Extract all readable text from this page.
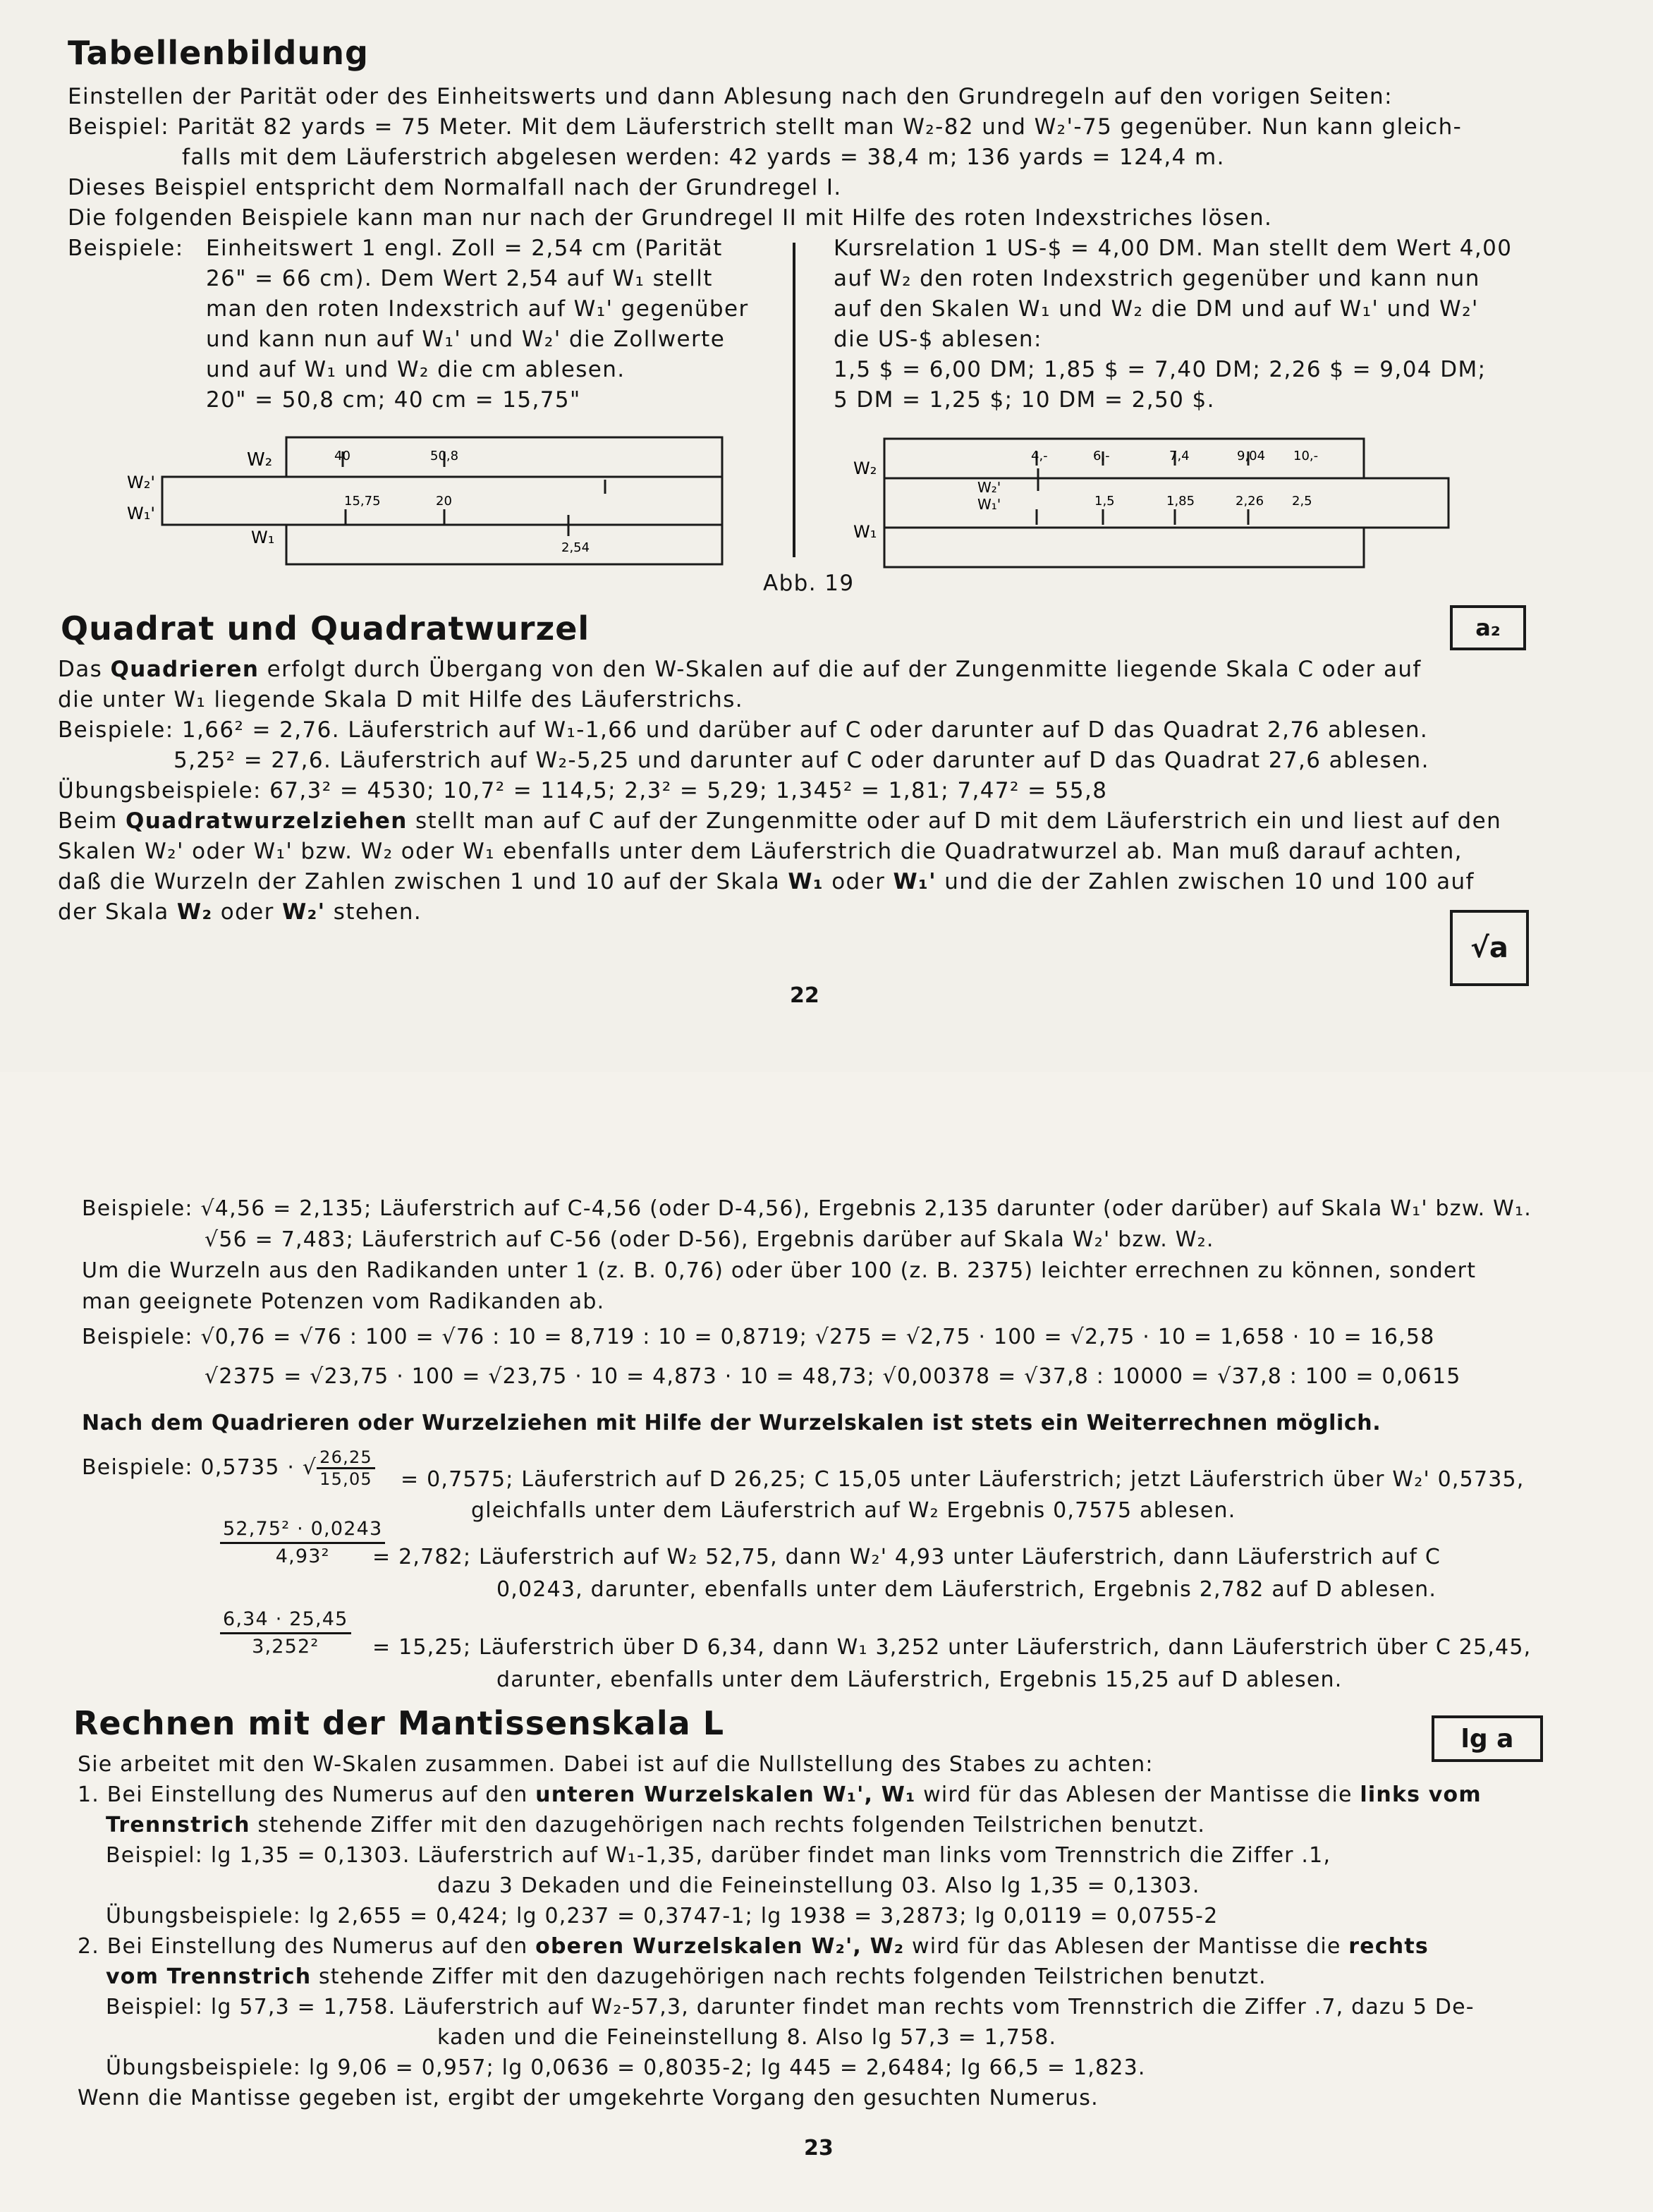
Tabellenbildung
Einstellen der Parität oder des Einheitswerts und dann Ablesung nach den Grundregeln auf den vorigen Seiten:
Beispiel: Parität 82 yards = 75 Meter. Mit dem Läuferstrich stellt man W₂-82 und W₂'-75 gegenüber. Nun kann gleich-
falls mit dem Läuferstrich abgelesen werden: 42 yards = 38,4 m; 136 yards = 124,4 m.
Dieses Beispiel entspricht dem Normalfall nach der Grundregel I.
Die folgenden Beispiele kann man nur nach der Grundregel II mit Hilfe des roten Indexstriches lösen.
Beispiele: Einheitswert 1 engl. Zoll = 2,54 cm (Parität
26" = 66 cm). Dem Wert 2,54 auf W₁ stellt
man den roten Indexstrich auf W₁' gegenüber
und kann nun auf W₁' und W₂' die Zollwerte
und auf W₁ und W₂ die cm ablesen.
20" = 50,8 cm; 40 cm = 15,75"
Kursrelation 1 US-$ = 4,00 DM. Man stellt dem Wert 4,00
auf W₂ den roten Indexstrich gegenüber und kann nun
auf den Skalen W₁ und W₂ die DM und auf W₁' und W₂'
die US-$ ablesen:
1,5 $ = 6,00 DM; 1,85 $ = 7,40 DM; 2,26 $ = 9,04 DM;
5 DM = 1,25 $; 10 DM = 2,50 $.
W₂
W₂'
W₁'
W₁
40	50,8
15,75	20
2,54
W₂
W₂'
W₁'
W₁
4,-	6,-	7,4	9,04 10,-
1,5	1,85	2,26 2,5
Abb. 19
Quadrat und Quadratwurzel	a₂
Das Quadrieren erfolgt durch Übergang von den W-Skalen auf die auf der Zungenmitte liegende Skala C oder auf
die unter W₁ liegende Skala D mit Hilfe des Läuferstrichs.
Beispiele: 1,66² = 2,76. Läuferstrich auf W₁-1,66 und darüber auf C oder darunter auf D das Quadrat 2,76 ablesen.
5,25² = 27,6. Läuferstrich auf W₂-5,25 und darunter auf C oder darunter auf D das Quadrat 27,6 ablesen.
Übungsbeispiele: 67,3² = 4530; 10,7² = 114,5; 2,3² = 5,29; 1,345² = 1,81; 7,47² = 55,8
Beim Quadratwurzelziehen stellt man auf C auf der Zungenmitte oder auf D mit dem Läuferstrich ein und liest auf den
Skalen W₂' oder W₁' bzw. W₂ oder W₁ ebenfalls unter dem Läuferstrich die Quadratwurzel ab. Man muß darauf achten,
daß die Wurzeln der Zahlen zwischen 1 und 10 auf der Skala W₁ oder W₁' und die der Zahlen zwischen 10 und 100 auf
der Skala W₂ oder W₂' stehen.
√a
22
Beispiele: √4,56 = 2,135; Läuferstrich auf C-4,56 (oder D-4,56), Ergebnis 2,135 darunter (oder darüber) auf Skala W₁' bzw. W₁.
√56 = 7,483; Läuferstrich auf C-56 (oder D-56), Ergebnis darüber auf Skala W₂' bzw. W₂.
Um die Wurzeln aus den Radikanden unter 1 (z. B. 0,76) oder über 100 (z. B. 2375) leichter errechnen zu können, sondert
man geeignete Potenzen vom Radikanden ab.
Beispiele: √0,76 = √76 : 100 = √76 : 10 = 8,719 : 10 = 0,8719; √275 = √2,75 · 100 = √2,75 · 10 = 1,658 · 10 = 16,58
√2375 = √23,75 · 100 = √23,75 · 10 = 4,873 · 10 = 48,73; √0,00378 = √37,8 : 10000 = √37,8 : 100 = 0,0615
Nach dem Quadrieren oder Wurzelziehen mit Hilfe der Wurzelskalen ist stets ein Weiterrechnen möglich.
Beispiele: 0,5735 · √ $\frac{26,25}{15,05} = 0,7575$; Läuferstrich auf D 26,25; C 15,05 unter Läuferstrich; jetzt Läuferstrich über W₂' 0,5735,
gleichfalls unter dem Läuferstrich auf W₂ Ergebnis 0,7575 ablesen.
$\frac{\text{52,75² · 0,0243}}{\text{4,93²}}$
= 2,782; Läuferstrich auf W₂ 52,75, dann W₂' 4,93 unter Läuferstrich, dann Läuferstrich auf C
0,0243, darunter, ebenfalls unter dem Läuferstrich, Ergebnis 2,782 auf D ablesen.
$\frac{6,34 \cdot 25,45}{\text{3,252²}} = 15,25$; Läuferstrich über D 6,34, dann W₁ 3,252 unter Läuferstrich, dann Läuferstrich über C 25,45,
darunter, ebenfalls unter dem Läuferstrich, Ergebnis 15,25 auf D ablesen.
Rechnen mit der Mantissenskala L	lg a
Sie arbeitet mit den W-Skalen zusammen. Dabei ist auf die Nullstellung des Stabes zu achten:
1. Bei Einstellung des Numerus auf den unteren Wurzelskalen W₁', W₁ wird für das Ablesen der Mantisse die links vom
Trennstrich stehende Ziffer mit den dazugehörigen nach rechts folgenden Teilstrichen benutzt.
Beispiel: lg 1,35 = 0,1303. Läuferstrich auf W₁-1,35, darüber findet man links vom Trennstrich die Ziffer .1,
dazu 3 Dekaden und die Feineinstellung 03. Also lg 1,35 = 0,1303.
Übungsbeispiele: lg 2,655 = 0,424; lg 0,237 = 0,3747-1; lg 1938 = 3,2873; lg 0,0119 = 0,0755-2
2. Bei Einstellung des Numerus auf den oberen Wurzelskalen W₂', W₂ wird für das Ablesen der Mantisse die rechts
vom Trennstrich stehende Ziffer mit den dazugehörigen nach rechts folgenden Teilstrichen benutzt.
Beispiel: lg 57,3 = 1,758. Läuferstrich auf W₂-57,3, darunter findet man rechts vom Trennstrich die Ziffer .7, dazu 5 De-
kaden und die Feineinstellung 8. Also lg 57,3 = 1,758.
Übungsbeispiele: lg 9,06 = 0,957; lg 0,0636 = 0,8035-2; lg 445 = 2,6484; lg 66,5 = 1,823.
Wenn die Mantisse gegeben ist, ergibt der umgekehrte Vorgang den gesuchten Numerus.
23
